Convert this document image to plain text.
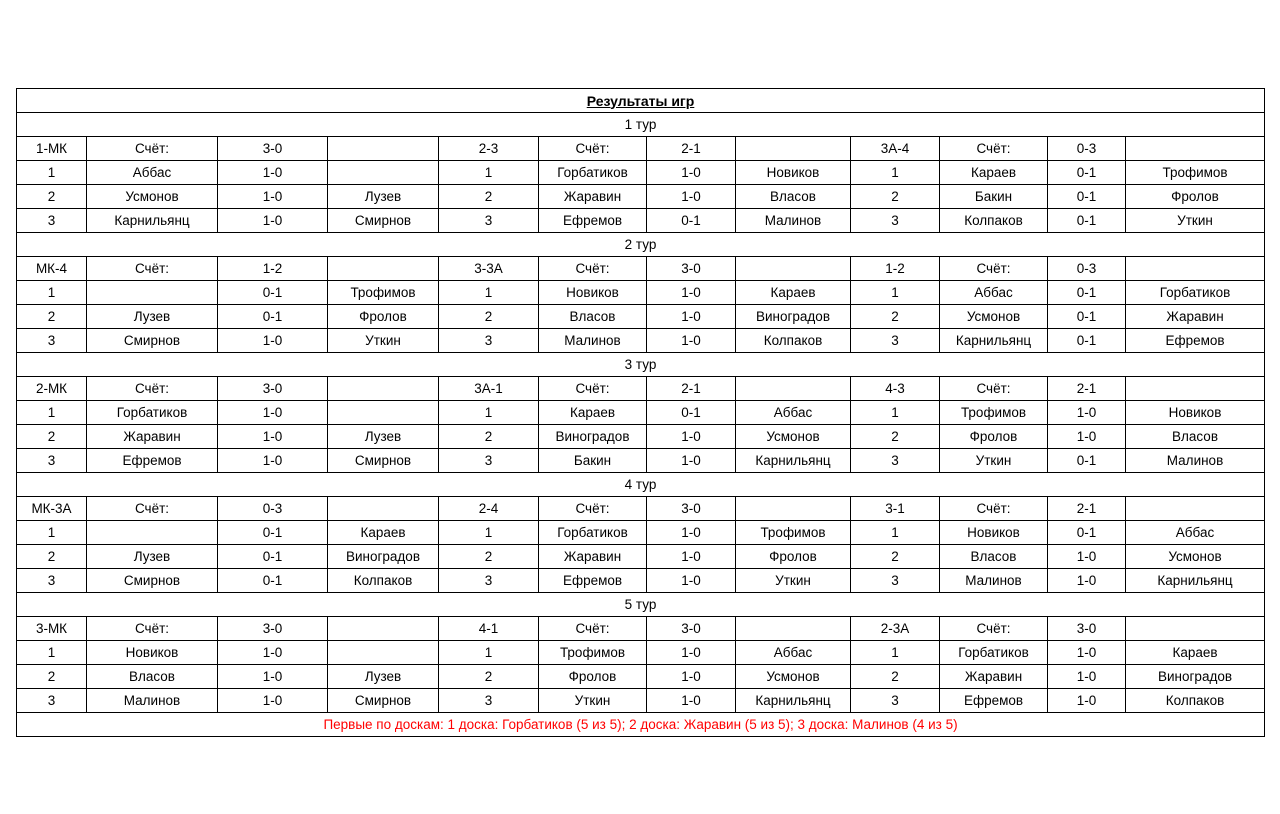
Результаты игр											
1 тур											
1-МК	Счёт:	3-0		2-3	Счёт:	2-1		3А-4	Счёт:	0-3	
1	Аббас	1-0		1	Горбатиков	1-0	Новиков	1	Караев	0-1	Трофимов
2	Усмонов	1-0	Лузев	2	Жаравин	1-0	Власов	2	Бакин	0-1	Фролов
3	Карнильянц	1-0	Смирнов	3	Ефремов	0-1	Малинов	3	Колпаков	0-1	Уткин
2 тур											
МК-4	Счёт:	1-2		3-3А	Счёт:	3-0		1-2	Счёт:	0-3	
1		0-1	Трофимов	1	Новиков	1-0	Караев	1	Аббас	0-1	Горбатиков
2	Лузев	0-1	Фролов	2	Власов	1-0	Виноградов	2	Усмонов	0-1	Жаравин
3	Смирнов	1-0	Уткин	3	Малинов	1-0	Колпаков	3	Карнильянц	0-1	Ефремов
3 тур											
2-МК	Счёт:	3-0		3А-1	Счёт:	2-1		4-3	Счёт:	2-1	
1	Горбатиков	1-0		1	Караев	0-1	Аббас	1	Трофимов	1-0	Новиков
2	Жаравин	1-0	Лузев	2	Виноградов	1-0	Усмонов	2	Фролов	1-0	Власов
3	Ефремов	1-0	Смирнов	3	Бакин	1-0	Карнильянц	3	Уткин	0-1	Малинов
4 тур											
МК-3А	Счёт:	0-3		2-4	Счёт:	3-0		3-1	Счёт:	2-1	
1		0-1	Караев	1	Горбатиков	1-0	Трофимов	1	Новиков	0-1	Аббас
2	Лузев	0-1	Виноградов	2	Жаравин	1-0	Фролов	2	Власов	1-0	Усмонов
3	Смирнов	0-1	Колпаков	3	Ефремов	1-0	Уткин	3	Малинов	1-0	Карнильянц
5 тур											
3-МК	Счёт:	3-0		4-1	Счёт:	3-0		2-3А	Счёт:	3-0	
1	Новиков	1-0		1	Трофимов	1-0	Аббас	1	Горбатиков	1-0	Караев
2	Власов	1-0	Лузев	2	Фролов	1-0	Усмонов	2	Жаравин	1-0	Виноградов
3	Малинов	1-0	Смирнов	3	Уткин	1-0	Карнильянц	3	Ефремов	1-0	Колпаков
Первые по доскам: 1 доска: Горбатиков (5 из 5); 2 доска: Жаравин (5 из 5); 3 доска: Малинов (4 из 5)											
